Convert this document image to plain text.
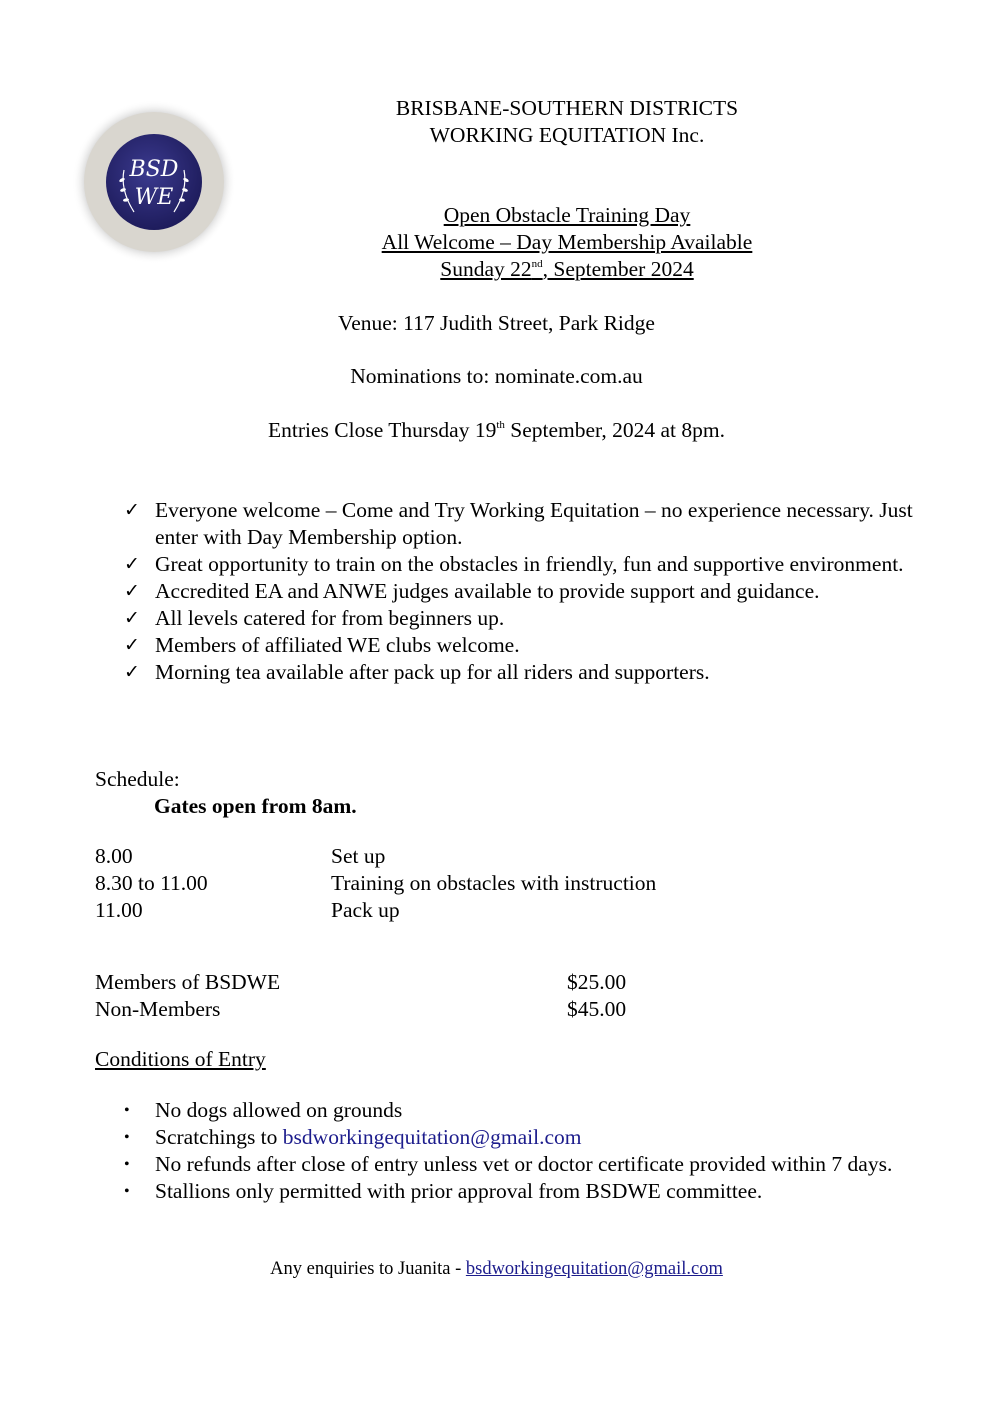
BSD
WE
BRISBANE-SOUTHERN DISTRICTS
WORKING EQUITATION Inc.
Open Obstacle Training Day
All Welcome – Day Membership Available
Sunday 22nd, September 2024
Venue: 117 Judith Street, Park Ridge
Nominations to: nominate.com.au
Entries Close Thursday 19th September, 2024 at 8pm.
✓ Everyone welcome – Come and Try Working Equitation – no experience necessary. Just enter with Day Membership option.
✓ Great opportunity to train on the obstacles in friendly, fun and supportive environment.
✓ Accredited EA and ANWE judges available to provide support and guidance.
✓ All levels catered for from beginners up.
✓ Members of affiliated WE clubs welcome.
✓ Morning tea available after pack up for all riders and supporters.
Schedule:
Gates open from 8am.
8.00	Set up
8.30 to 11.00	Training on obstacles with instruction
11.00	Pack up
Members of BSDWE	$25.00
Non-Members	$45.00
Conditions of Entry
• No dogs allowed on grounds
• Scratchings to bsdworkingequitation@gmail.com
• No refunds after close of entry unless vet or doctor certificate provided within 7 days.
• Stallions only permitted with prior approval from BSDWE committee.
Any enquiries to Juanita - bsdworkingequitation@gmail.com
